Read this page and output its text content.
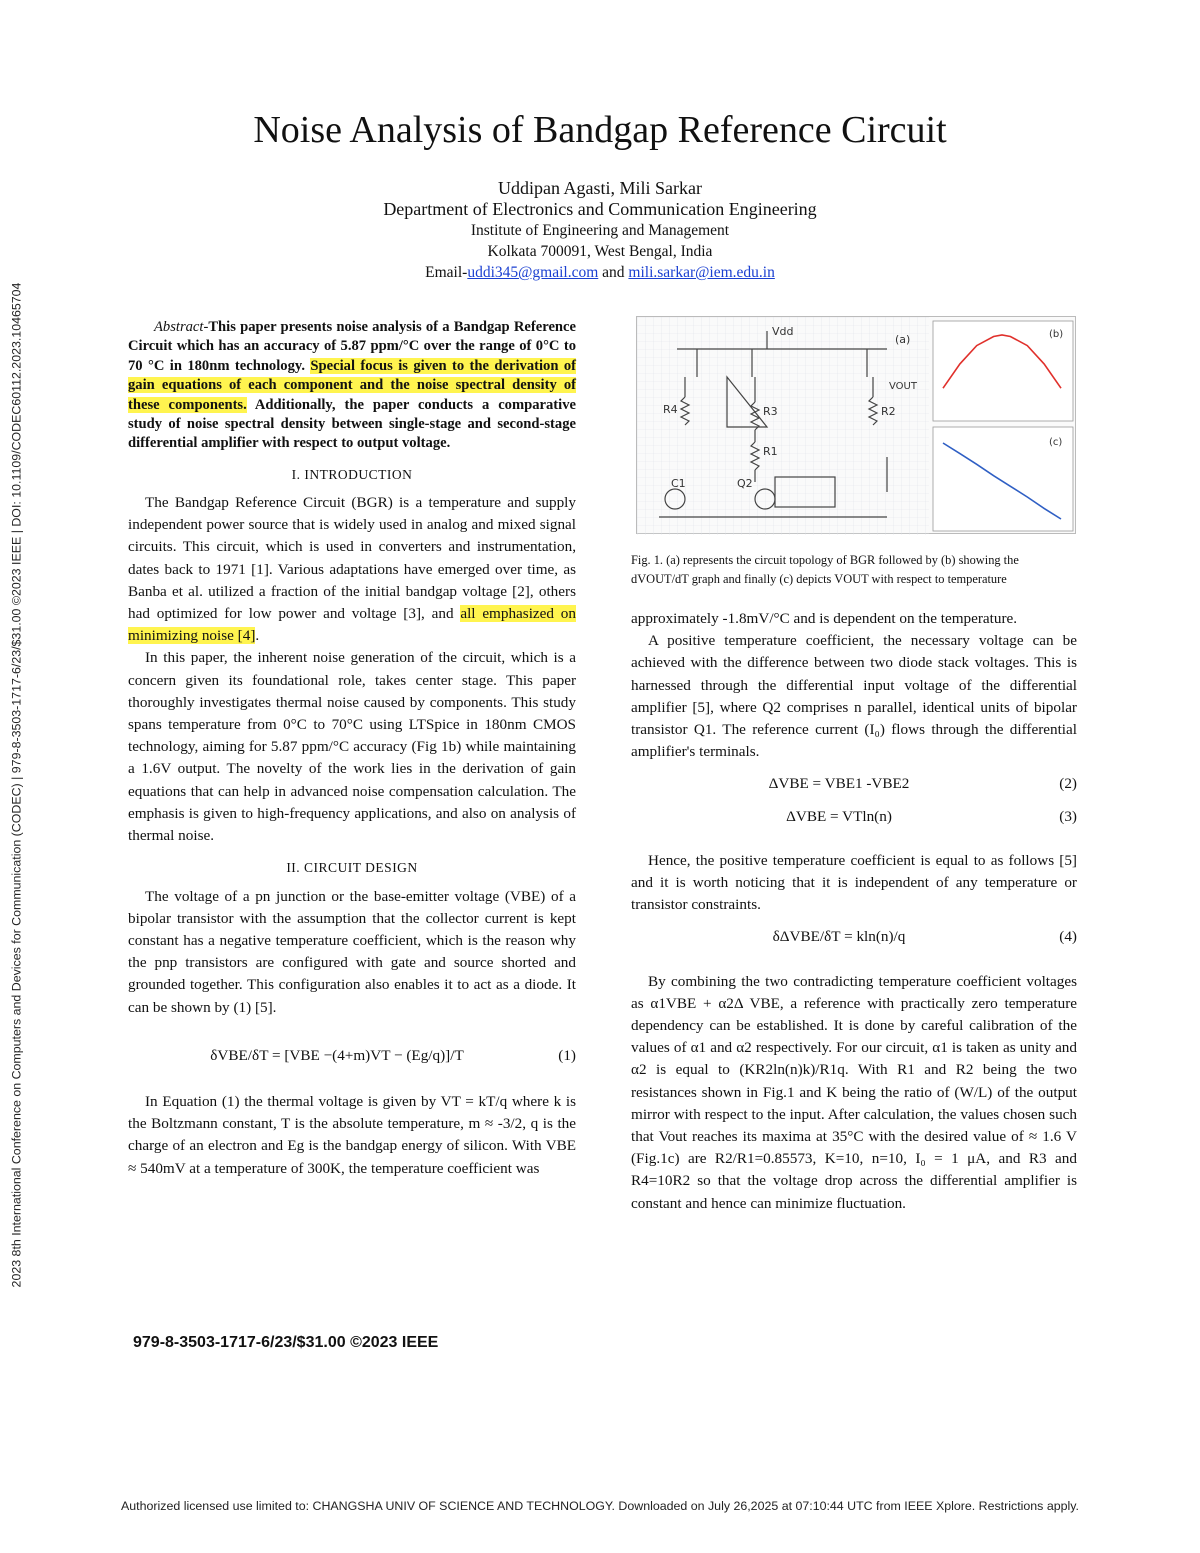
2023 8th International Conference on Computers and Devices for Communication (CODEC) | 979-8-3503-1717-6/23/$31.00 ©2023 IEEE | DOI: 10.1109/CODEC60112.2023.10465704
Noise Analysis of Bandgap Reference Circuit
Uddipan Agasti, Mili Sarkar
Department of Electronics and Communication Engineering
Institute of Engineering and Management
Kolkata 700091, West Bengal, India
Email-uddi345@gmail.com and mili.sarkar@iem.edu.in

Abstract-This paper presents noise analysis of a Bandgap Reference Circuit which has an accuracy of 5.87 ppm/°C over the range of 0°C to 70 °C in 180nm technology. Special focus is given to the derivation of gain equations of each component and the noise spectral density of these components. Additionally, the paper conducts a comparative study of noise spectral density between single-stage and second-stage differential amplifier with respect to output voltage.

I. INTRODUCTION

The Bandgap Reference Circuit (BGR) is a temperature and supply independent power source that is widely used in analog and mixed signal circuits. This circuit, which is used in converters and instrumentation, dates back to 1971 [1]. Various adaptations have emerged over time, as Banba et al. utilized a fraction of the initial bandgap voltage [2], others had optimized for low power and voltage [3], and all emphasized on minimizing noise [4].

In this paper, the inherent noise generation of the circuit, which is a concern given its foundational role, takes center stage. This paper thoroughly investigates thermal noise caused by components. This study spans temperature from 0°C to 70°C using LTSpice in 180nm CMOS technology, aiming for 5.87 ppm/°C accuracy (Fig 1b) while maintaining a 1.6V output. The novelty of the work lies in the derivation of gain equations that can help in advanced noise compensation calculation. The emphasis is given to high-frequency applications, and also on analysis of thermal noise.

II. CIRCUIT DESIGN

The voltage of a pn junction or the base-emitter voltage (VBE) of a bipolar transistor with the assumption that the collector current is kept constant has a negative temperature coefficient, which is the reason why the pnp transistors are configured with gate and source shorted and grounded together. This configuration also enables it to act as a diode. It can be shown by (1) [5].

δVBE/δT = [VBE −(4+m)VT − (Eg/q)]/T	(1)

In Equation (1) the thermal voltage is given by VT = kT/q where k is the Boltzmann constant, T is the absolute temperature, m ≈ -3/2, q is the charge of an electron and Eg is the bandgap energy of silicon. With VBE ≈ 540mV at a temperature of 300K, the temperature coefficient was

Vdd
(a)
VOUT
R4	R3
R1
R2
C1	Q2
(b)
(c)
Fig. 1. (a) represents the circuit topology of BGR followed by (b) showing the dVOUT/dT graph and finally (c) depicts VOUT with respect to temperature

approximately -1.8mV/°C and is dependent on the temperature.

A positive temperature coefficient, the necessary voltage can be achieved with the difference between two diode stack voltages. This is harnessed through the differential input voltage of the differential amplifier [5], where Q2 comprises n parallel, identical units of bipolar transistor Q1. The reference current (I₀) flows through the differential amplifier's terminals.

ΔVBE = VBE1 -VBE2	(2)
ΔVBE = VTln(n)	(3)

Hence, the positive temperature coefficient is equal to as follows [5] and it is worth noticing that it is independent of any temperature or transistor constraints.

δΔVBE/δT = kln(n)/q	(4)

By combining the two contradicting temperature coefficient voltages as α1VBE + α2Δ VBE, a reference with practically zero temperature dependency can be established. It is done by careful calibration of the values of α1 and α2 respectively. For our circuit, α1 is taken as unity and α2 is equal to (KR2ln(n)k)/R1q. With R1 and R2 being the two resistances shown in Fig.1 and K being the ratio of (W/L) of the output mirror with respect to the input. After calculation, the values chosen such that Vout reaches its maxima at 35°C with the desired value of ≈ 1.6 V (Fig.1c) are R2/R1=0.85573, K=10, n=10, I₀ = 1 μA, and R3 and R4=10R2 so that the voltage drop across the differential amplifier is constant and hence can minimize fluctuation.

979-8-3503-1717-6/23/$31.00 ©2023 IEEE
Authorized licensed use limited to: CHANGSHA UNIV OF SCIENCE AND TECHNOLOGY. Downloaded on July 26,2025 at 07:10:44 UTC from IEEE Xplore. Restrictions apply.
